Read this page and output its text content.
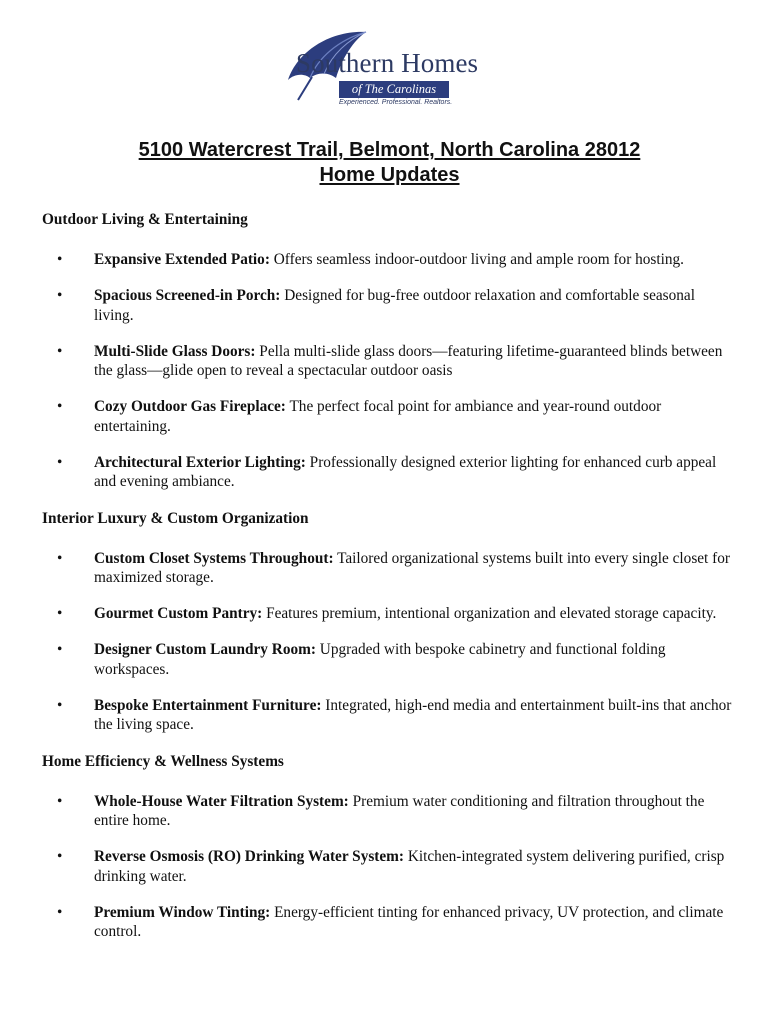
Southern Homes
of The Carolinas
Experienced. Professional. Realtors.
5100 Watercrest Trail, Belmont, North Carolina 28012
Home Updates

Outdoor Living & Entertaining

• Expansive Extended Patio: Offers seamless indoor-outdoor living and ample room for hosting.
• Spacious Screened-in Porch: Designed for bug-free outdoor relaxation and comfortable seasonal living.
• Multi-Slide Glass Doors: Pella multi-slide glass doors—featuring lifetime-guaranteed blinds between the glass—glide open to reveal a spectacular outdoor oasis
• Cozy Outdoor Gas Fireplace: The perfect focal point for ambiance and year-round outdoor entertaining.
• Architectural Exterior Lighting: Professionally designed exterior lighting for enhanced curb appeal and evening ambiance.

Interior Luxury & Custom Organization

• Custom Closet Systems Throughout: Tailored organizational systems built into every single closet for maximized storage.
• Gourmet Custom Pantry: Features premium, intentional organization and elevated storage capacity.
• Designer Custom Laundry Room: Upgraded with bespoke cabinetry and functional folding workspaces.
• Bespoke Entertainment Furniture: Integrated, high-end media and entertainment built-ins that anchor the living space.

Home Efficiency & Wellness Systems

• Whole-House Water Filtration System: Premium water conditioning and filtration throughout the entire home.
• Reverse Osmosis (RO) Drinking Water System: Kitchen-integrated system delivering purified, crisp drinking water.
• Premium Window Tinting: Energy-efficient tinting for enhanced privacy, UV protection, and climate control.
